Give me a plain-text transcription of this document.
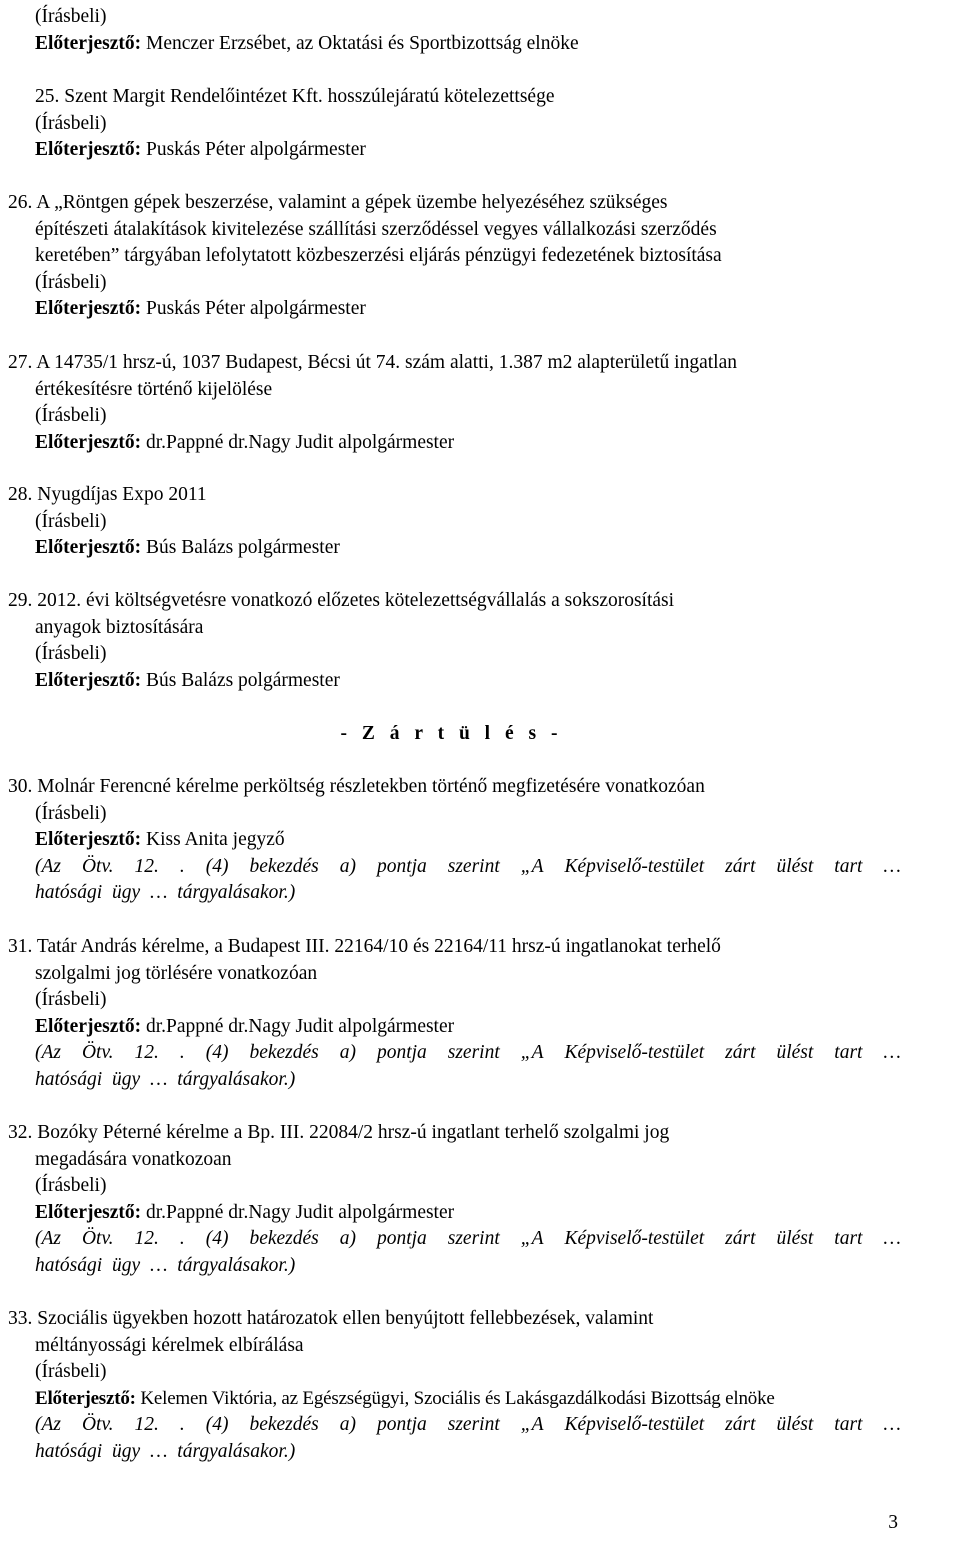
(Írásbeli)
Előterjesztő: Menczer Erzsébet, az Oktatási és Sportbizottság elnöke
25. Szent Margit Rendelőintézet Kft. hosszúlejáratú kötelezettsége
(Írásbeli)
Előterjesztő: Puskás Péter alpolgármester
26. A „Röntgen gépek beszerzése, valamint a gépek üzembe helyezéséhez szükséges
építészeti átalakítások kivitelezése szállítási szerződéssel vegyes vállalkozási szerződés
keretében” tárgyában lefolytatott közbeszerzési eljárás pénzügyi fedezetének biztosítása
(Írásbeli)
Előterjesztő: Puskás Péter alpolgármester
27. A 14735/1 hrsz-ú, 1037 Budapest, Bécsi út 74. szám alatti, 1.387 m2 alapterületű ingatlan
értékesítésre történő kijelölése
(Írásbeli)
Előterjesztő: dr.Pappné dr.Nagy Judit alpolgármester
28. Nyugdíjas Expo 2011
(Írásbeli)
Előterjesztő: Bús Balázs polgármester
29. 2012. évi költségvetésre vonatkozó előzetes kötelezettségvállalás a sokszorosítási
anyagok biztosítására
(Írásbeli)
Előterjesztő: Bús Balázs polgármester
- Z á r t ü l é s -
30. Molnár Ferencné kérelme perköltség részletekben történő megfizetésére vonatkozóan
(Írásbeli)
Előterjesztő: Kiss Anita jegyző
(Az Ötv. 12. . (4) bekezdés a) pontja szerint „A Képviselő-testület zárt ülést tart …
hatósági ügy … tárgyalásakor.)
31. Tatár András kérelme, a Budapest III. 22164/10 és 22164/11 hrsz-ú ingatlanokat terhelő
szolgalmi jog törlésére vonatkozóan
(Írásbeli)
Előterjesztő: dr.Pappné dr.Nagy Judit alpolgármester
(Az Ötv. 12. . (4) bekezdés a) pontja szerint „A Képviselő-testület zárt ülést tart …
hatósági ügy … tárgyalásakor.)
32. Bozóky Péterné kérelme a Bp. III. 22084/2 hrsz-ú ingatlant terhelő szolgalmi jog
megadására vonatkozoan
(Írásbeli)
Előterjesztő: dr.Pappné dr.Nagy Judit alpolgármester
(Az Ötv. 12. . (4) bekezdés a) pontja szerint „A Képviselő-testület zárt ülést tart …
hatósági ügy … tárgyalásakor.)
33. Szociális ügyekben hozott határozatok ellen benyújtott fellebbezések, valamint
méltányossági kérelmek elbírálása
(Írásbeli)
Előterjesztő: Kelemen Viktória, az Egészségügyi, Szociális és Lakásgazdálkodási Bizottság elnöke
(Az Ötv. 12. . (4) bekezdés a) pontja szerint „A Képviselő-testület zárt ülést tart …
hatósági ügy … tárgyalásakor.)
3
